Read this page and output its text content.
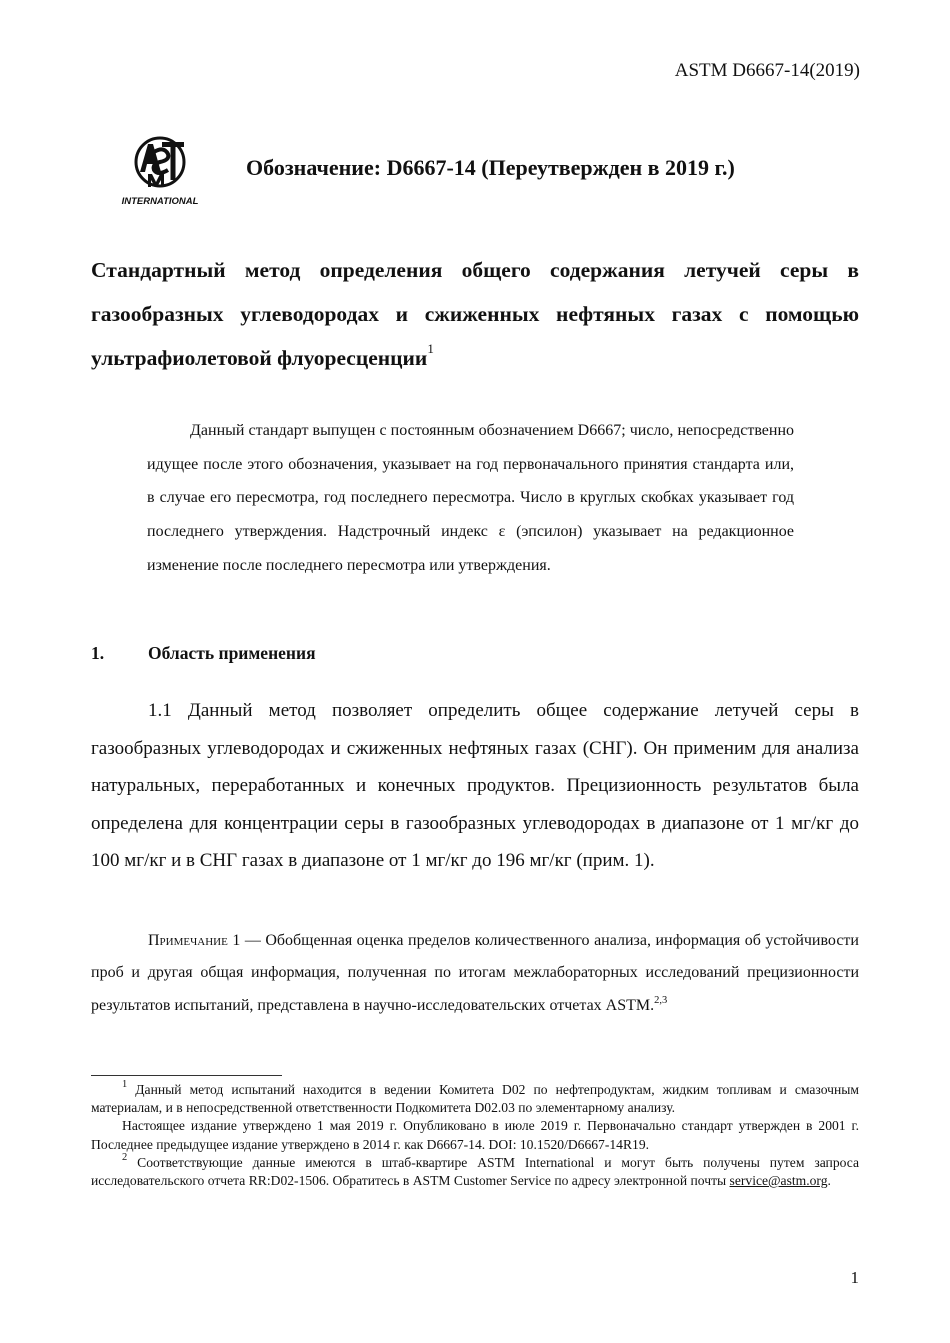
ASTM D6667-14(2019)
INTERNATIONAL
Обозначение: D6667-14 (Переутвержден в 2019 г.)
Стандартный метод определения общего содержания летучей серы в газообразных углеводородах и сжиженных нефтяных газах с помощью ультрафиолетовой флуоресценции$^1$
Данный стандарт выпущен с постоянным обозначением D6667; число, непосредственно идущее после этого обозначения, указывает на год первоначального принятия стандарта или, в случае его пересмотра, год последнего пересмотра. Число в круглых скобках указывает год последнего утверждения. Надстрочный индекс ε (эпсилон) указывает на редакционное изменение после последнего пересмотра или утверждения.
1.	Область применения
1.1 Данный метод позволяет определить общее содержание летучей серы в газообразных углеводородах и сжиженных нефтяных газах (СНГ). Он применим для анализа натуральных, переработанных и конечных продуктов. Прецизионность результатов была определена для концентрации серы в газообразных углеводородах в диапазоне от 1 мг/кг до 100 мг/кг и в СНГ газах в диапазоне от 1 мг/кг до 196 мг/кг (прим. 1).
Примечание 1 — Обобщенная оценка пределов количественного анализа, информация об устойчивости проб и другая общая информация, полученная по итогам межлабораторных исследований прецизионности результатов испытаний, представлена в научно-исследовательских отчетах ASTM.$^{2,3}$

$^1$ Данный метод испытаний находится в ведении Комитета D02 по нефтепродуктам, жидким топливам и смазочным материалам, и в непосредственной ответственности Подкомитета D02.03 по элементарному анализу.

Настоящее издание утверждено 1 мая 2019 г. Опубликовано в июле 2019 г. Первоначально стандарт утвержден в 2001 г. Последнее предыдущее издание утверждено в 2014 г. как D6667-14. DOI: 10.1520/D6667-14R19.

$^2$ Соответствующие данные имеются в штаб-квартире ASTM International и могут быть получены путем запроса исследовательского отчета RR:D02-1506. Обратитесь в ASTM Customer Service по адресу электронной почты service@astm.org.

1
